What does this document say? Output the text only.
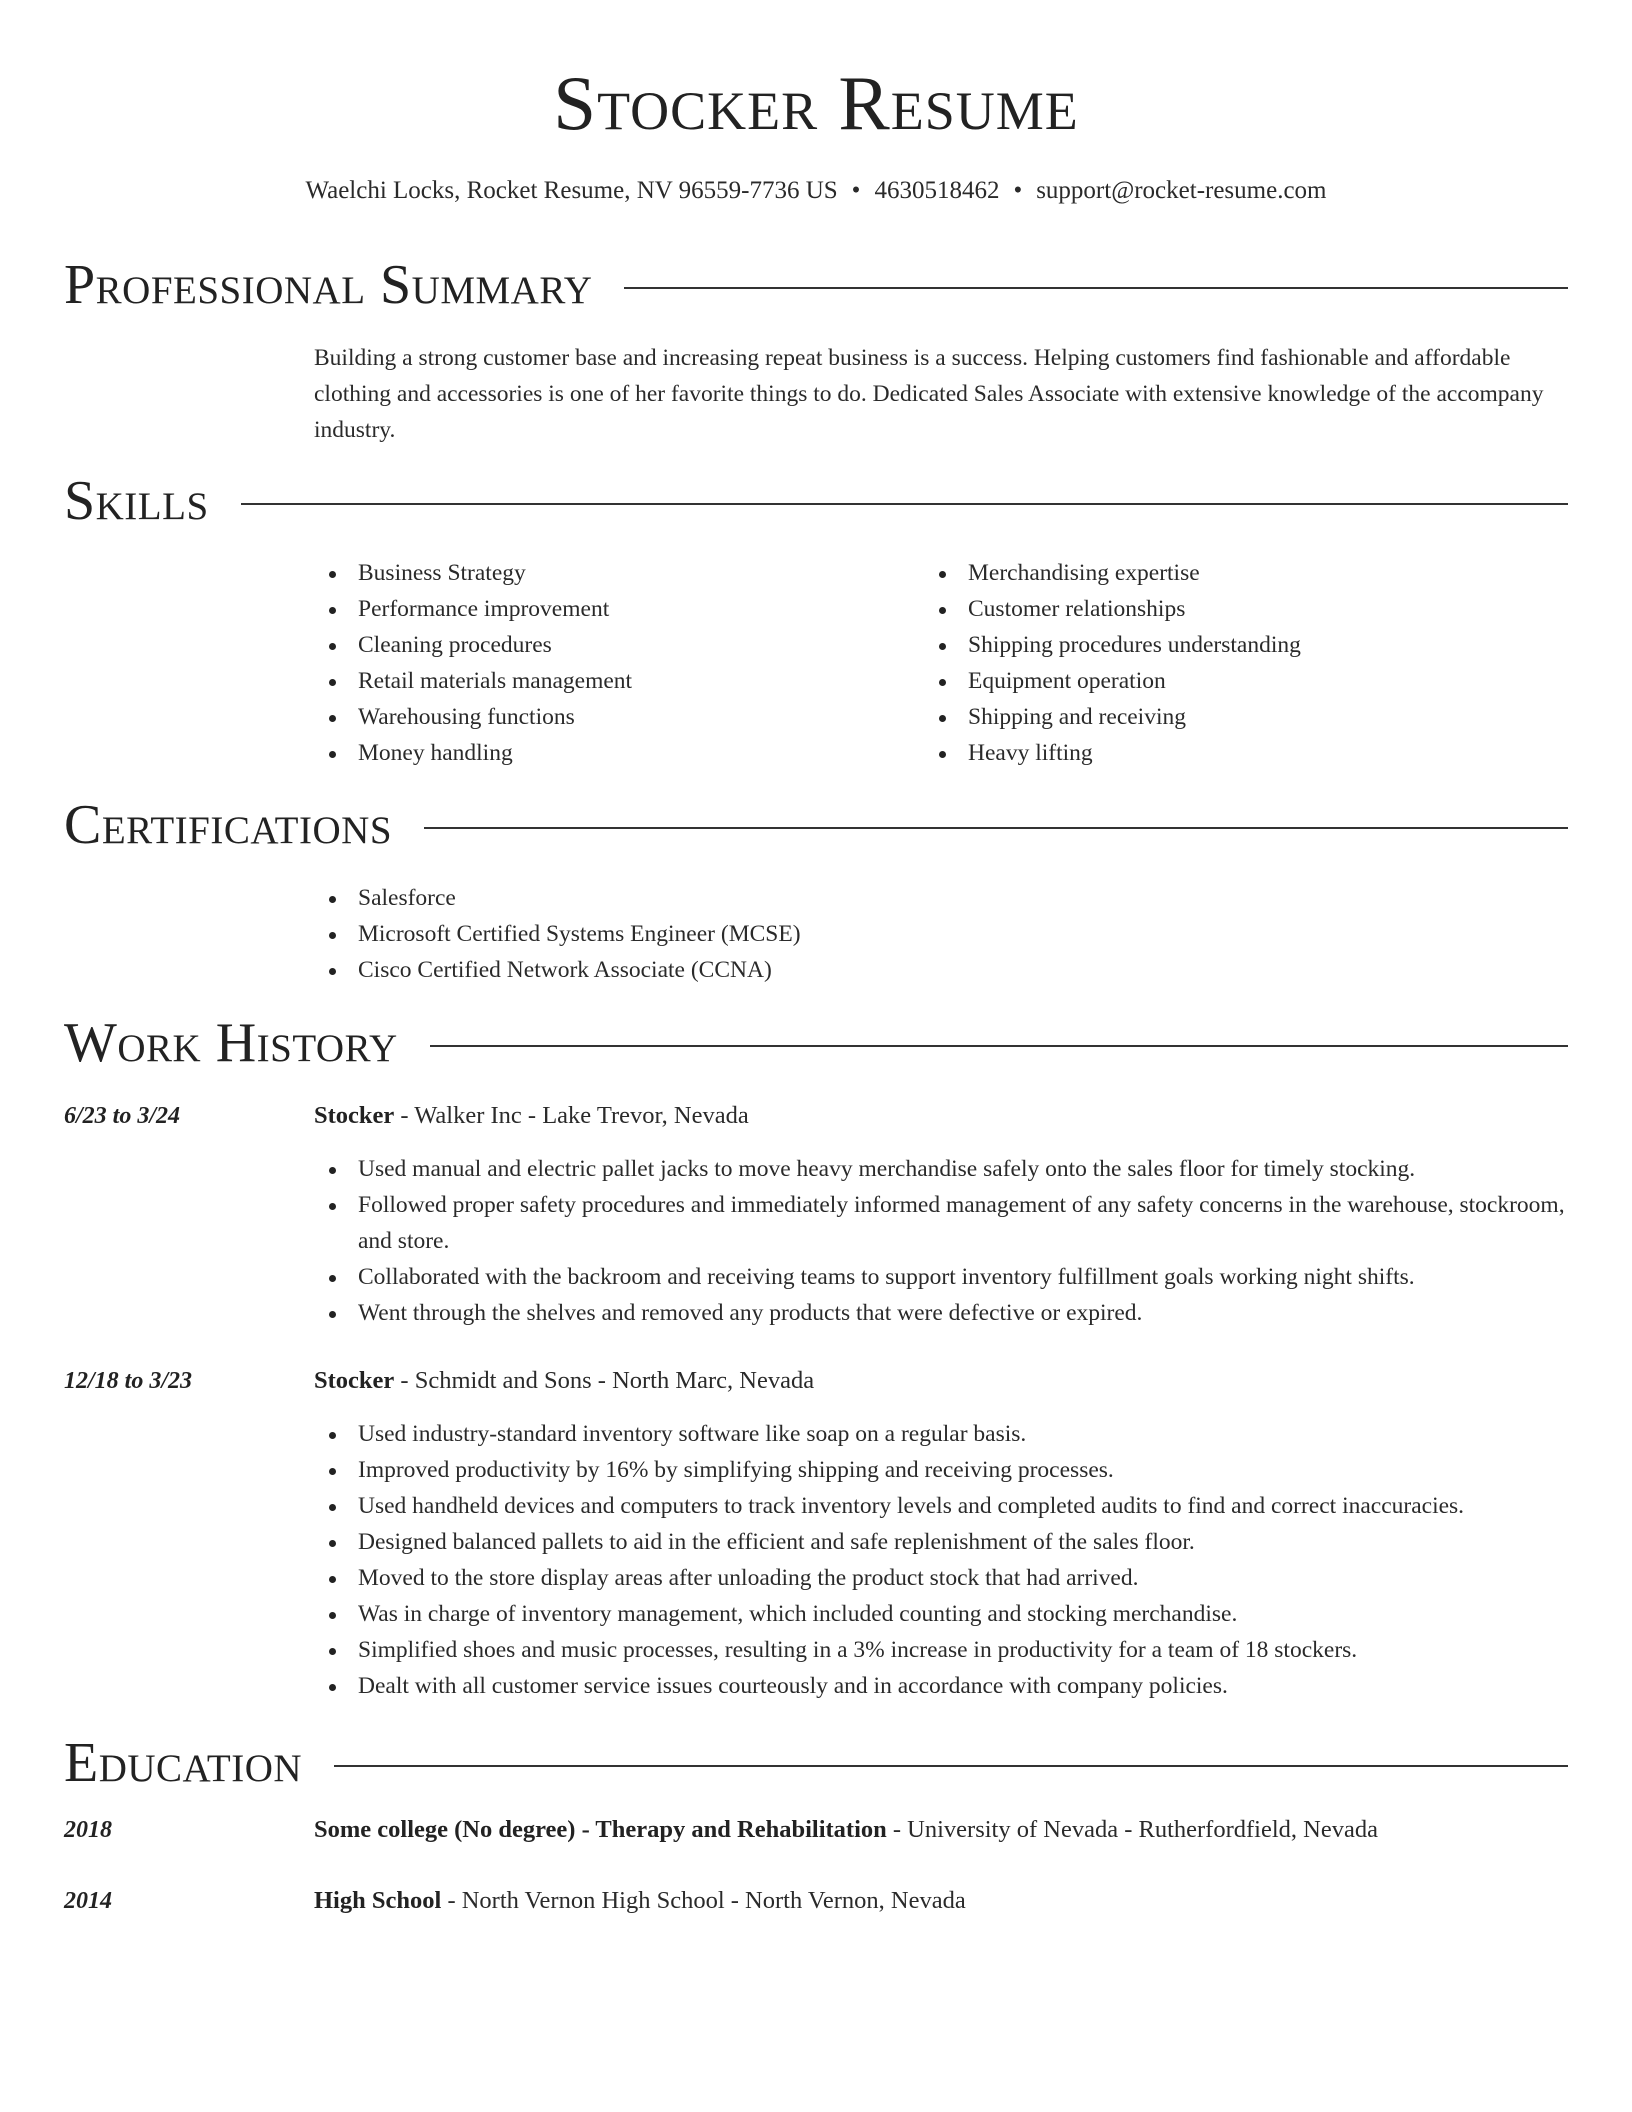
Stocker Resume
Waelchi Locks, Rocket Resume, NV 96559-7736 US • 4630518462 • support@rocket-resume.com
Professional Summary
Building a strong customer base and increasing repeat business is a success. Helping customers find fashionable and affordable clothing and accessories is one of her favorite things to do. Dedicated Sales Associate with extensive knowledge of the accompany industry.
Skills
Business Strategy
Performance improvement
Cleaning procedures
Retail materials management
Warehousing functions
Money handling
Merchandising expertise
Customer relationships
Shipping procedures understanding
Equipment operation
Shipping and receiving
Heavy lifting
Certifications
Salesforce
Microsoft Certified Systems Engineer (MCSE)
Cisco Certified Network Associate (CCNA)
Work History
6/23 to 3/24	Stocker - Walker Inc - Lake Trevor, Nevada
Used manual and electric pallet jacks to move heavy merchandise safely onto the sales floor for timely stocking.
Followed proper safety procedures and immediately informed management of any safety concerns in the warehouse, stockroom, and store.
Collaborated with the backroom and receiving teams to support inventory fulfillment goals working night shifts.
Went through the shelves and removed any products that were defective or expired.
12/18 to 3/23	Stocker - Schmidt and Sons - North Marc, Nevada
Used industry-standard inventory software like soap on a regular basis.
Improved productivity by 16% by simplifying shipping and receiving processes.
Used handheld devices and computers to track inventory levels and completed audits to find and correct inaccuracies.
Designed balanced pallets to aid in the efficient and safe replenishment of the sales floor.
Moved to the store display areas after unloading the product stock that had arrived.
Was in charge of inventory management, which included counting and stocking merchandise.
Simplified shoes and music processes, resulting in a 3% increase in productivity for a team of 18 stockers.
Dealt with all customer service issues courteously and in accordance with company policies.
Education
2018	Some college (No degree) - Therapy and Rehabilitation - University of Nevada - Rutherfordfield, Nevada
2014	High School - North Vernon High School - North Vernon, Nevada
